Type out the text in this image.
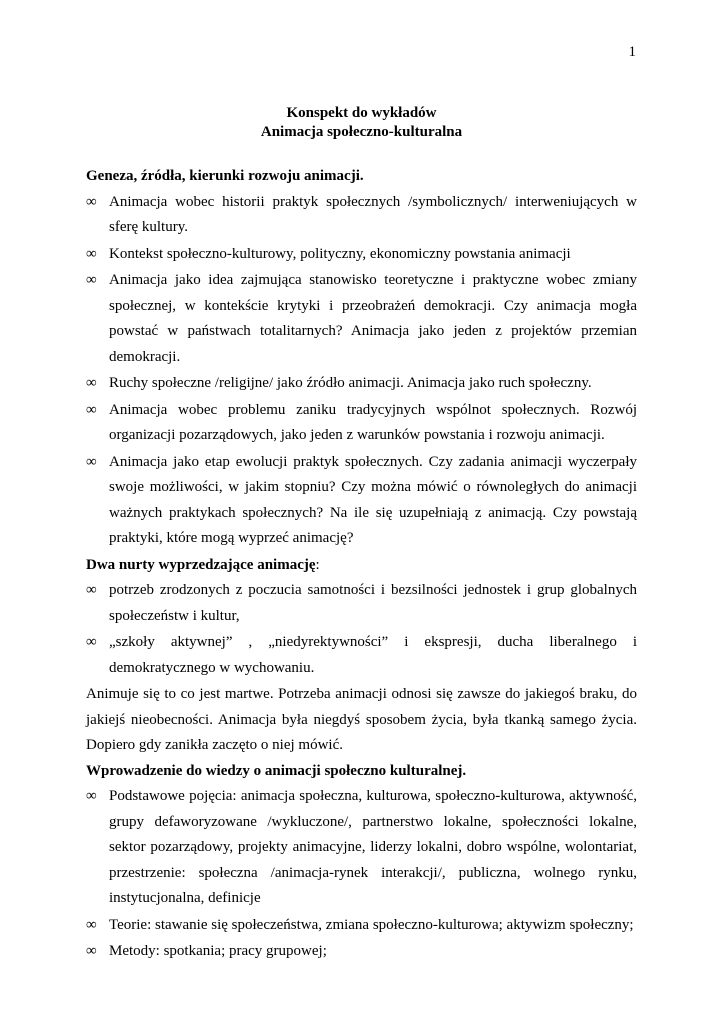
1

Konspekt do wykładów

Animacja społeczno-kulturalna

Geneza, źródła, kierunki rozwoju animacji.

∞ Animacja wobec historii praktyk społecznych /symbolicznych/ interweniujących w sferę kultury.
∞ Kontekst społeczno-kulturowy, polityczny, ekonomiczny powstania animacji
∞ Animacja jako idea zajmująca stanowisko teoretyczne i praktyczne wobec zmiany społecznej, w kontekście krytyki i przeobrażeń demokracji. Czy animacja mogła powstać w państwach totalitarnych? Animacja jako jeden z projektów przemian demokracji.
∞ Ruchy społeczne /religijne/ jako źródło animacji. Animacja jako ruch społeczny.
∞ Animacja wobec problemu zaniku tradycyjnych wspólnot społecznych. Rozwój organizacji pozarządowych, jako jeden z warunków powstania i rozwoju animacji.
∞ Animacja jako etap ewolucji praktyk społecznych. Czy zadania animacji wyczerpały swoje możliwości, w jakim stopniu? Czy można mówić o równoległych do animacji ważnych praktykach społecznych? Na ile się uzupełniają z animacją. Czy powstają praktyki, które mogą wyprzeć animację?

Dwa nurty wyprzedzające animację:

∞ potrzeb zrodzonych z poczucia samotności i bezsilności jednostek i grup globalnych społeczeństw i kultur,
∞ „szkoły aktywnej” , „niedyrektywności” i ekspresji, ducha liberalnego i demokratycznego w wychowaniu.

Animuje się to co jest martwe. Potrzeba animacji odnosi się zawsze do jakiegoś braku, do jakiejś nieobecności. Animacja była niegdyś sposobem życia, była tkanką samego życia. Dopiero gdy zanikła zaczęto o niej mówić.

Wprowadzenie do wiedzy o animacji społeczno kulturalnej.

∞ Podstawowe pojęcia: animacja społeczna, kulturowa, społeczno-kulturowa, aktywność, grupy defaworyzowane /wykluczone/, partnerstwo lokalne, społeczności lokalne, sektor pozarządowy, projekty animacyjne, liderzy lokalni, dobro wspólne, wolontariat, przestrzenie: społeczna /animacja-rynek interakcji/, publiczna, wolnego rynku, instytucjonalna, definicje
∞ Teorie: stawanie się społeczeństwa, zmiana społeczno-kulturowa; aktywizm społeczny;
∞ Metody: spotkania; pracy grupowej;
